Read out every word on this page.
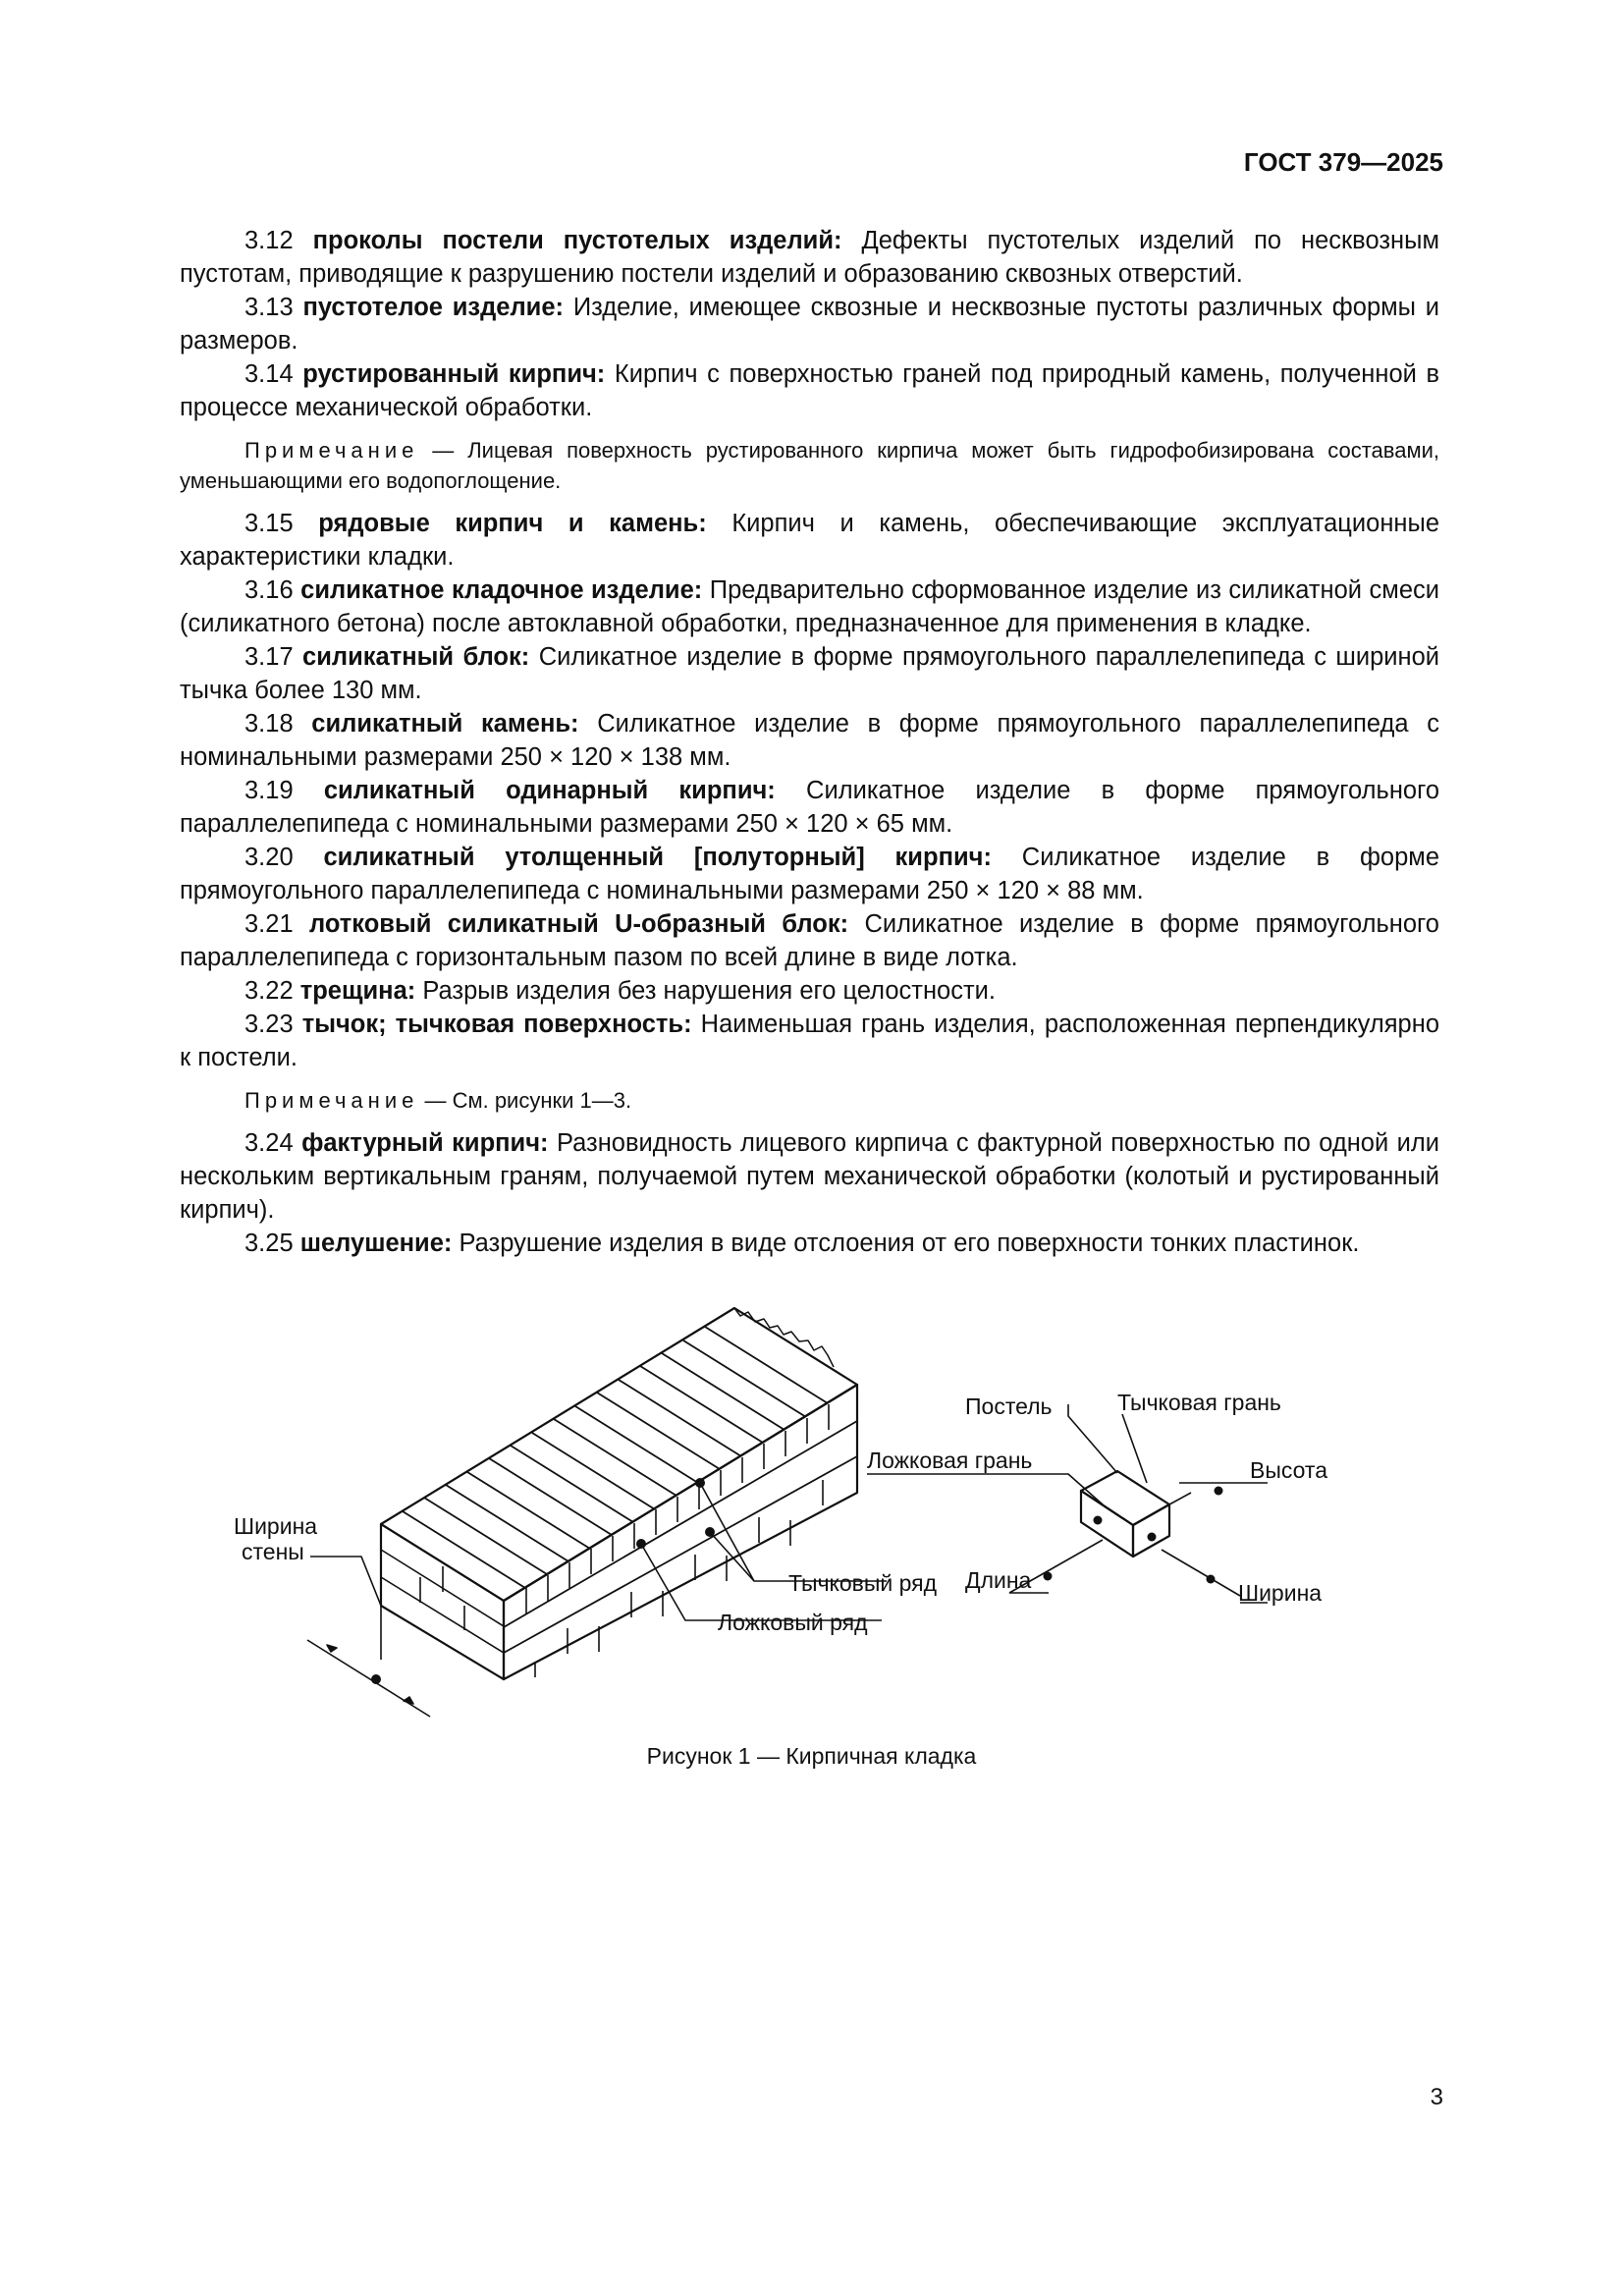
ГОСТ 379—2025

3.12 проколы постели пустотелых изделий: Дефекты пустотелых изделий по несквозным пустотам, приводящие к разрушению постели изделий и образованию сквозных отверстий.

3.13 пустотелое изделие: Изделие, имеющее сквозные и несквозные пустоты различных формы и размеров.

3.14 рустированный кирпич: Кирпич с поверхностью граней под природный камень, полученной в процессе механической обработки.

Примечание — Лицевая поверхность рустированного кирпича может быть гидрофобизирована составами, уменьшающими его водопоглощение.

3.15 рядовые кирпич и камень: Кирпич и камень, обеспечивающие эксплуатационные характеристики кладки.

3.16 силикатное кладочное изделие: Предварительно сформованное изделие из силикатной смеси (силикатного бетона) после автоклавной обработки, предназначенное для применения в кладке.

3.17 силикатный блок: Силикатное изделие в форме прямоугольного параллелепипеда с шириной тычка более 130 мм.

3.18 силикатный камень: Силикатное изделие в форме прямоугольного параллелепипеда с номинальными размерами 250 × 120 × 138 мм.

3.19 силикатный одинарный кирпич: Силикатное изделие в форме прямоугольного параллелепипеда с номинальными размерами 250 × 120 × 65 мм.

3.20 силикатный утолщенный [полуторный] кирпич: Силикатное изделие в форме прямоугольного параллелепипеда с номинальными размерами 250 × 120 × 88 мм.

3.21 лотковый силикатный U-образный блок: Силикатное изделие в форме прямоугольного параллелепипеда с горизонтальным пазом по всей длине в виде лотка.

3.22 трещина: Разрыв изделия без нарушения его целостности.

3.23 тычок; тычковая поверхность: Наименьшая грань изделия, расположенная перпендикулярно к постели.

Примечание — См. рисунки 1—3.

3.24 фактурный кирпич: Разновидность лицевого кирпича с фактурной поверхностью по одной или нескольким вертикальным граням, получаемой путем механической обработки (колотый и рустированный кирпич).

3.25 шелушение: Разрушение изделия в виде отслоения от его поверхности тонких пластинок.

Ширина
стены
Тычковый ряд
Ложковый ряд
Постель	Тычковая грань
Ложковая грань	Высота
Длина	Ширина
Рисунок 1 — Кирпичная кладка
3
